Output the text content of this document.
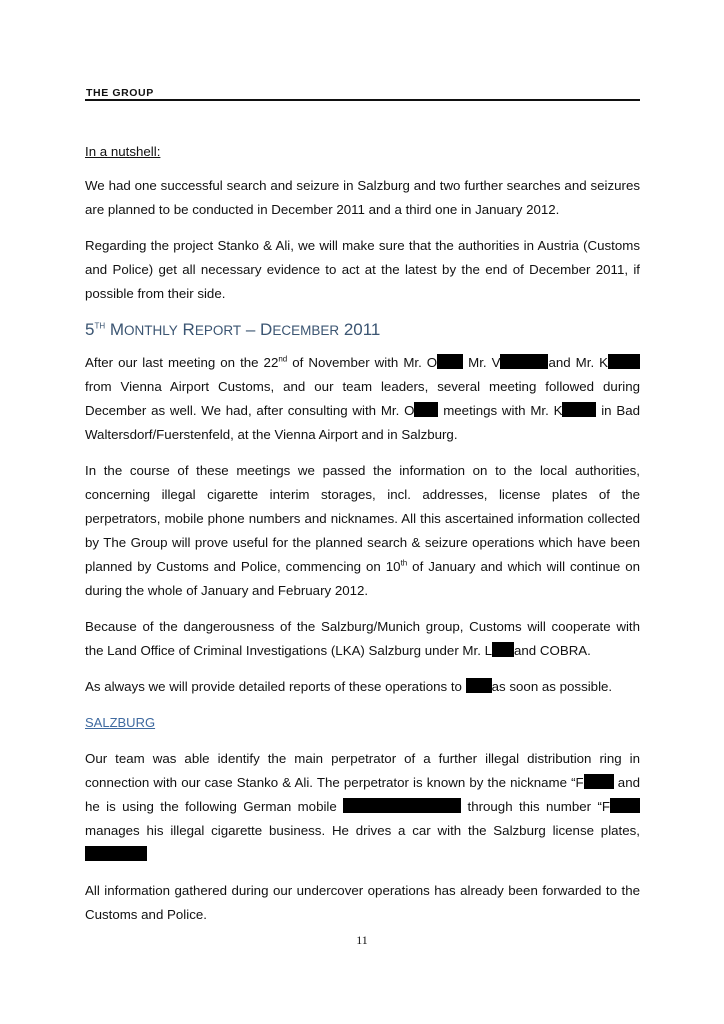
THE GROUP

In a nutshell:

We had one successful search and seizure in Salzburg and two further searches and seizures are planned to be conducted in December 2011 and a third one in January 2012.

Regarding the project Stanko & Ali, we will make sure that the authorities in Austria (Customs and Police) get all necessary evidence to act at the latest by the end of December 2011, if possible from their side.

5TH MONTHLY REPORT – DECEMBER 2011

After our last meeting on the 22nd of November with Mr. O Mr. V	and Mr. K from Vienna Airport Customs, and our team leaders, several meeting followed during December as well. We had, after consulting with Mr. O meetings with Mr. K	in Bad Waltersdorf/Fuerstenfeld, at the Vienna Airport and in Salzburg.

In the course of these meetings we passed the information on to the local authorities, concerning illegal cigarette interim storages, incl. addresses, license plates of the perpetrators, mobile phone numbers and nicknames. All this ascertained information collected by The Group will prove useful for the planned search & seizure operations which have been planned by Customs and Police, commencing on 10th of January and which will continue on during the whole of January and February 2012.

Because of the dangerousness of the Salzburg/Munich group, Customs will cooperate with the Land Office of Criminal Investigations (LKA) Salzburg under Mr. L and COBRA.

As always we will provide detailed reports of these operations to as soon as possible.

SALZBURG

Our team was able identify the main perpetrator of a further illegal distribution ring in connection with our case Stanko & Ali. The perpetrator is known by the nickname “F and he is using the following German mobile	through this number “F manages his illegal cigarette business. He drives a car with the Salzburg license plates,

All information gathered during our undercover operations has already been forwarded to the Customs and Police.

11
